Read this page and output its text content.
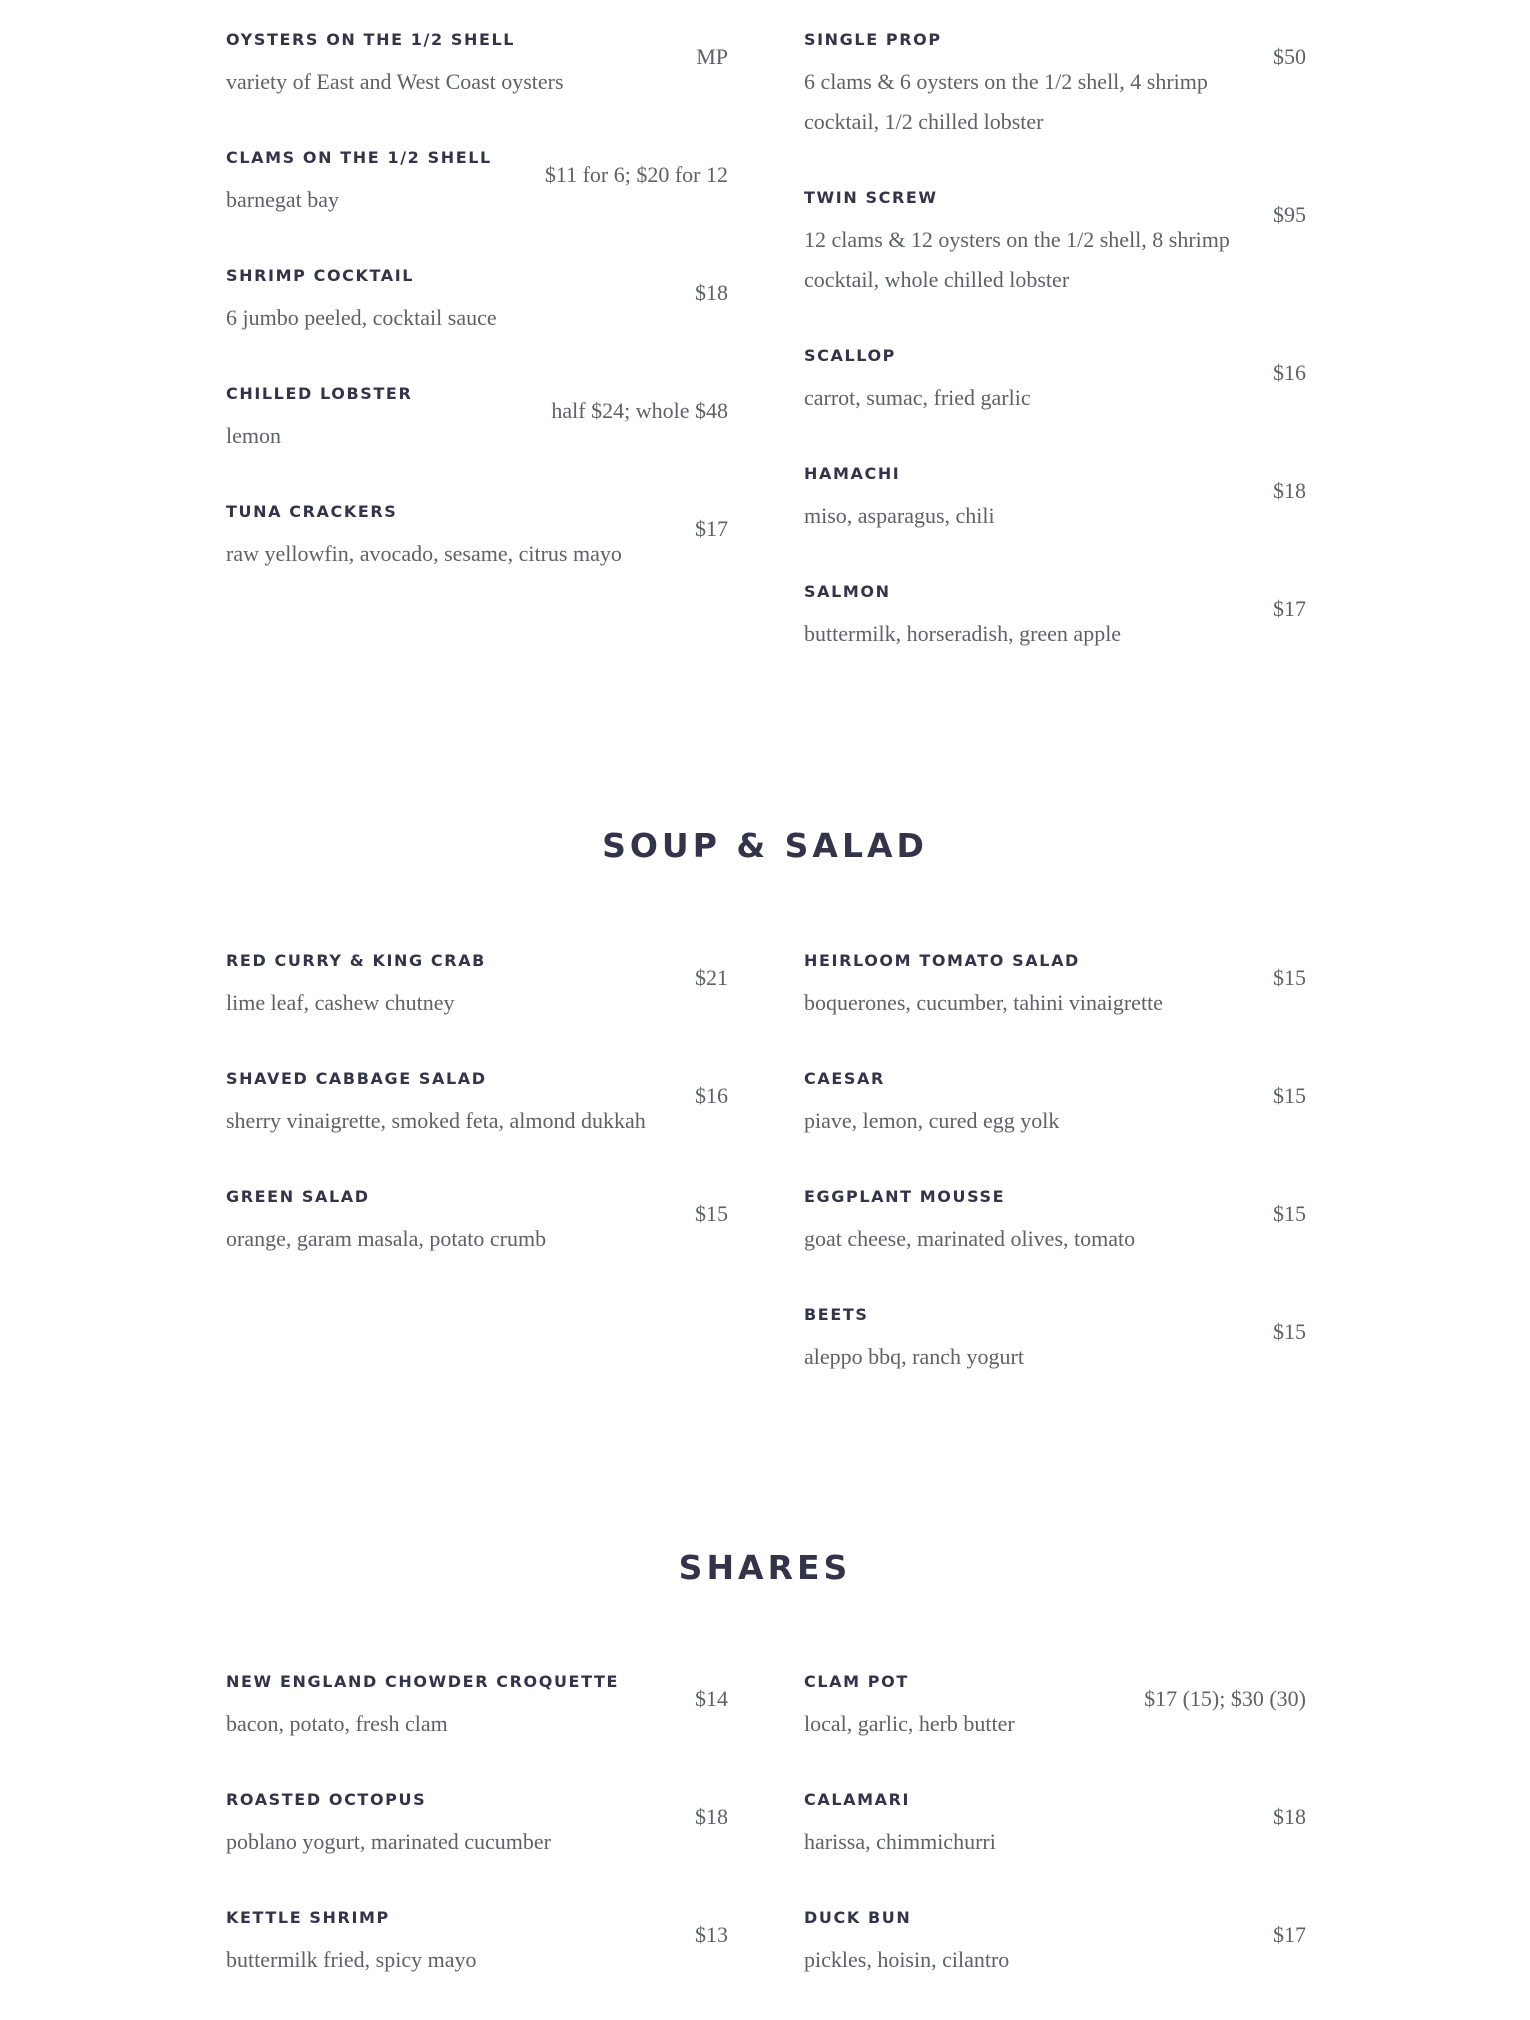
OYSTERS ON THE 1/2 SHELL
MP
variety of East and West Coast oysters
CLAMS ON THE 1/2 SHELL
$11 for 6; $20 for 12
barnegat bay
SHRIMP COCKTAIL
$18
6 jumbo peeled, cocktail sauce
CHILLED LOBSTER
half $24; whole $48
lemon
TUNA CRACKERS
$17
raw yellowfin, avocado, sesame, citrus mayo
SINGLE PROP
$50
6 clams & 6 oysters on the 1/2 shell, 4 shrimp cocktail, 1/2 chilled lobster
TWIN SCREW
$95
12 clams & 12 oysters on the 1/2 shell, 8 shrimp cocktail, whole chilled lobster
SCALLOP
$16
carrot, sumac, fried garlic
HAMACHI
$18
miso, asparagus, chili
SALMON
$17
buttermilk, horseradish, green apple
SOUP & SALAD
RED CURRY & KING CRAB
$21
lime leaf, cashew chutney
SHAVED CABBAGE SALAD
$16
sherry vinaigrette, smoked feta, almond dukkah
GREEN SALAD
$15
orange, garam masala, potato crumb
HEIRLOOM TOMATO SALAD
$15
boquerones, cucumber, tahini vinaigrette
CAESAR
$15
piave, lemon, cured egg yolk
EGGPLANT MOUSSE
$15
goat cheese, marinated olives, tomato
BEETS
$15
aleppo bbq, ranch yogurt
SHARES
NEW ENGLAND CHOWDER CROQUETTE
$14
bacon, potato, fresh clam
ROASTED OCTOPUS
$18
poblano yogurt, marinated cucumber
KETTLE SHRIMP
$13
buttermilk fried, spicy mayo
CLAM POT
$17 (15); $30 (30)
local, garlic, herb butter
CALAMARI
$18
harissa, chimmichurri
DUCK BUN
$17
pickles, hoisin, cilantro
